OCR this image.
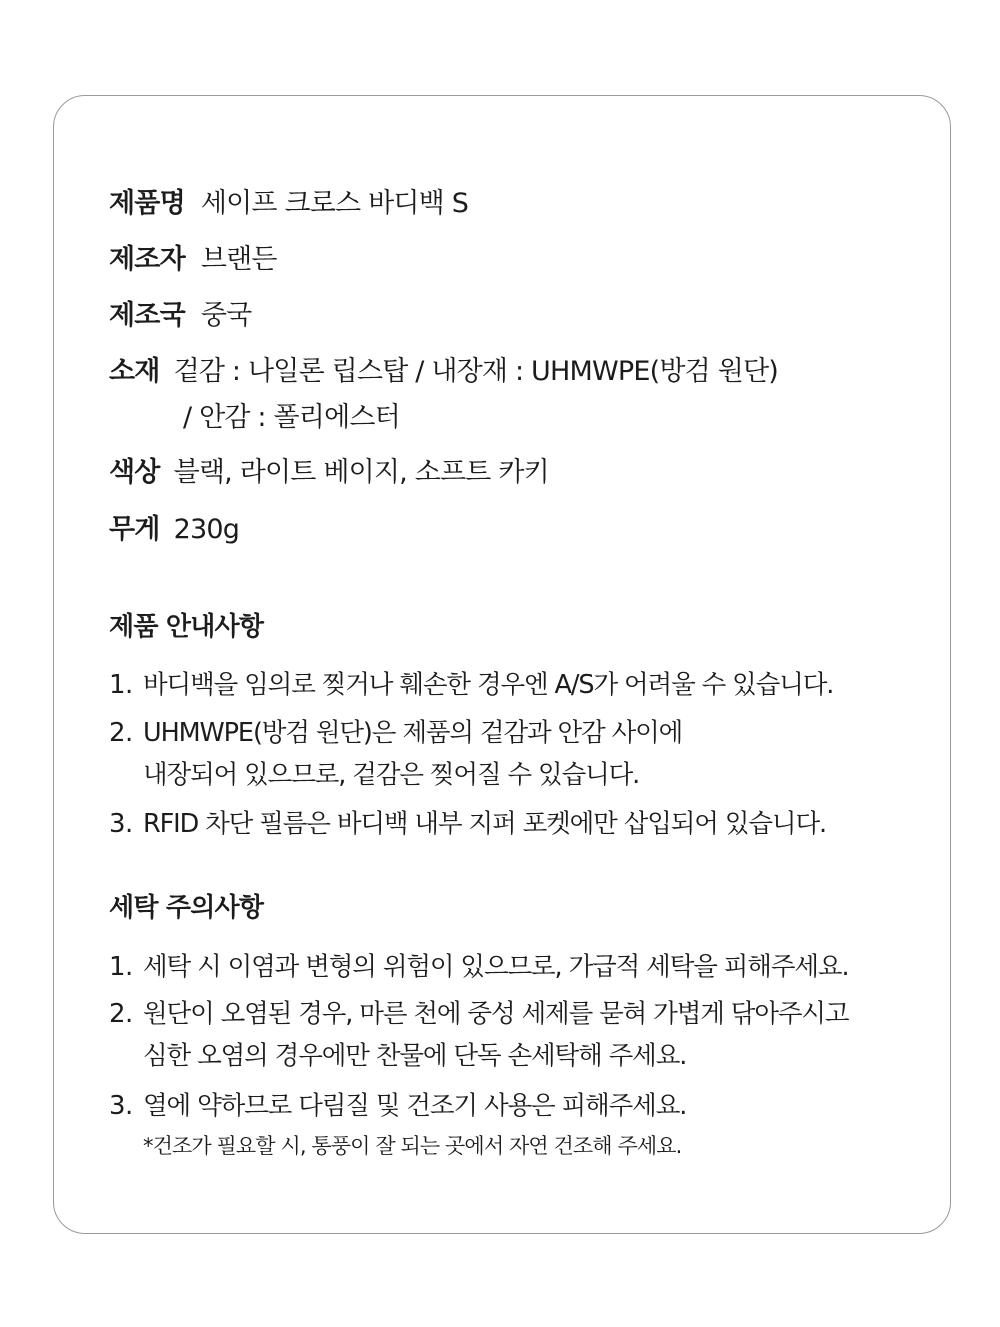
제품명 세이프 크로스 바디백 S
제조자 브랜든
제조국 중국
소재 겉감 : 나일론 립스탑 / 내장재 : UHMWPE(방검 원단)
/ 안감 : 폴리에스터
색상 블랙, 라이트 베이지, 소프트 카키
무게 230g
제품 안내사항
1. 바디백을 임의로 찢거나 훼손한 경우엔 A/S가 어려울 수 있습니다.
2. UHMWPE(방검 원단)은 제품의 겉감과 안감 사이에
내장되어 있으므로, 겉감은 찢어질 수 있습니다.
3. RFID 차단 필름은 바디백 내부 지퍼 포켓에만 삽입되어 있습니다.
세탁 주의사항
1. 세탁 시 이염과 변형의 위험이 있으므로, 가급적 세탁을 피해주세요.
2. 원단이 오염된 경우, 마른 천에 중성 세제를 묻혀 가볍게 닦아주시고
심한 오염의 경우에만 찬물에 단독 손세탁해 주세요.
3. 열에 약하므로 다림질 및 건조기 사용은 피해주세요.
*건조가 필요할 시, 통풍이 잘 되는 곳에서 자연 건조해 주세요.
